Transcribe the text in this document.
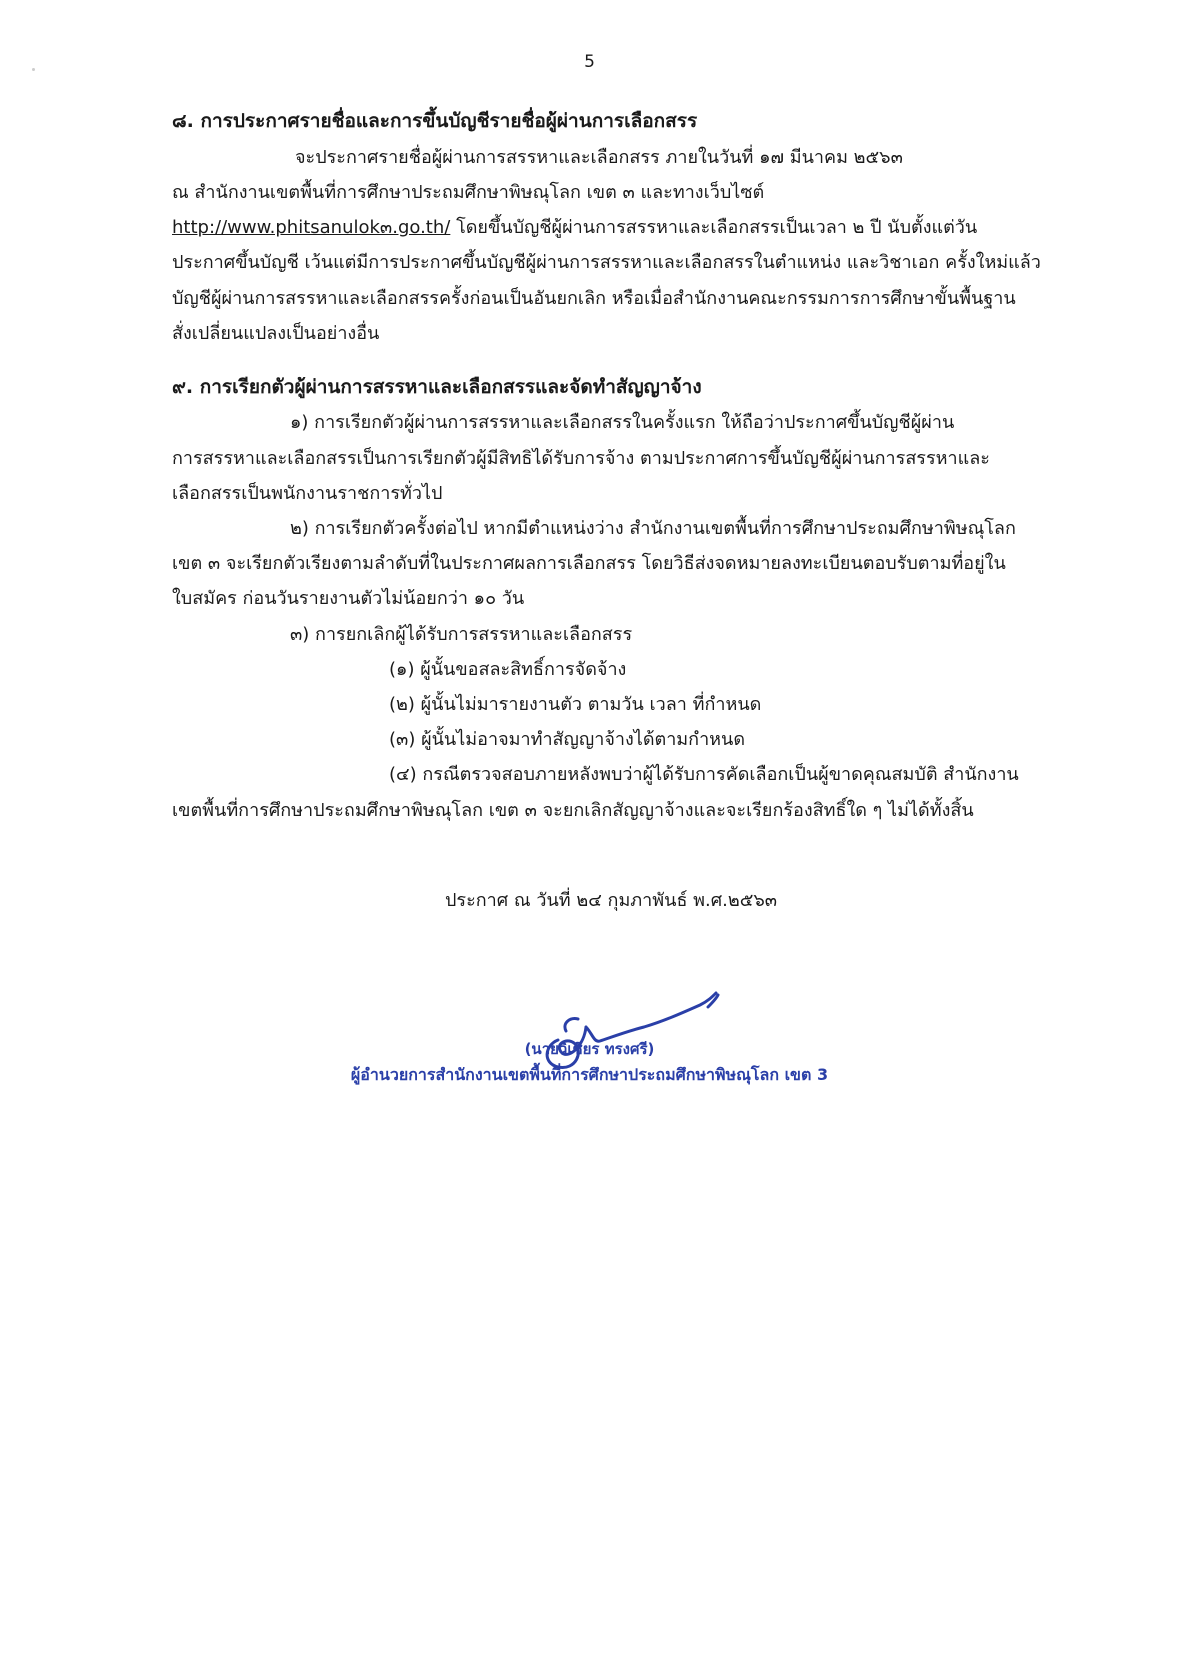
5
๘. การประกาศรายชื่อและการขึ้นบัญชีรายชื่อผู้ผ่านการเลือกสรร
จะประกาศรายชื่อผู้ผ่านการสรรหาและเลือกสรร ภายในวันที่ ๑๗ มีนาคม ๒๕๖๓
ณ สำนักงานเขตพื้นที่การศึกษาประถมศึกษาพิษณุโลก เขต ๓ และทางเว็บไซต์
http://www.phitsanulok๓.go.th/ โดยขึ้นบัญชีผู้ผ่านการสรรหาและเลือกสรรเป็นเวลา ๒ ปี นับตั้งแต่วัน
ประกาศขึ้นบัญชี เว้นแต่มีการประกาศขึ้นบัญชีผู้ผ่านการสรรหาและเลือกสรรในตำแหน่ง และวิชาเอก ครั้งใหม่แล้ว
บัญชีผู้ผ่านการสรรหาและเลือกสรรครั้งก่อนเป็นอันยกเลิก หรือเมื่อสำนักงานคณะกรรมการการศึกษาขั้นพื้นฐาน
สั่งเปลี่ยนแปลงเป็นอย่างอื่น
๙. การเรียกตัวผู้ผ่านการสรรหาและเลือกสรรและจัดทำสัญญาจ้าง
๑) การเรียกตัวผู้ผ่านการสรรหาและเลือกสรรในครั้งแรก ให้ถือว่าประกาศขึ้นบัญชีผู้ผ่าน
การสรรหาและเลือกสรรเป็นการเรียกตัวผู้มีสิทธิได้รับการจ้าง ตามประกาศการขึ้นบัญชีผู้ผ่านการสรรหาและ
เลือกสรรเป็นพนักงานราชการทั่วไป
๒) การเรียกตัวครั้งต่อไป หากมีตำแหน่งว่าง สำนักงานเขตพื้นที่การศึกษาประถมศึกษาพิษณุโลก
เขต ๓ จะเรียกตัวเรียงตามลำดับที่ในประกาศผลการเลือกสรร โดยวิธีส่งจดหมายลงทะเบียนตอบรับตามที่อยู่ใน
ใบสมัคร ก่อนวันรายงานตัวไม่น้อยกว่า ๑๐ วัน
๓) การยกเลิกผู้ได้รับการสรรหาและเลือกสรร
(๑) ผู้นั้นขอสละสิทธิ์การจัดจ้าง
(๒) ผู้นั้นไม่มารายงานตัว ตามวัน เวลา ที่กำหนด
(๓) ผู้นั้นไม่อาจมาทำสัญญาจ้างได้ตามกำหนด
(๔) กรณีตรวจสอบภายหลังพบว่าผู้ได้รับการคัดเลือกเป็นผู้ขาดคุณสมบัติ สำนักงาน
เขตพื้นที่การศึกษาประถมศึกษาพิษณุโลก เขต ๓ จะยกเลิกสัญญาจ้างและจะเรียกร้องสิทธิ์ใด ๆ ไม่ได้ทั้งสิ้น
ประกาศ ณ วันที่ ๒๔ กุมภาพันธ์ พ.ศ.๒๕๖๓
(นายวิเชียร ทรงศรี)
ผู้อำนวยการสำนักงานเขตพื้นที่การศึกษาประถมศึกษาพิษณุโลก เขต 3
